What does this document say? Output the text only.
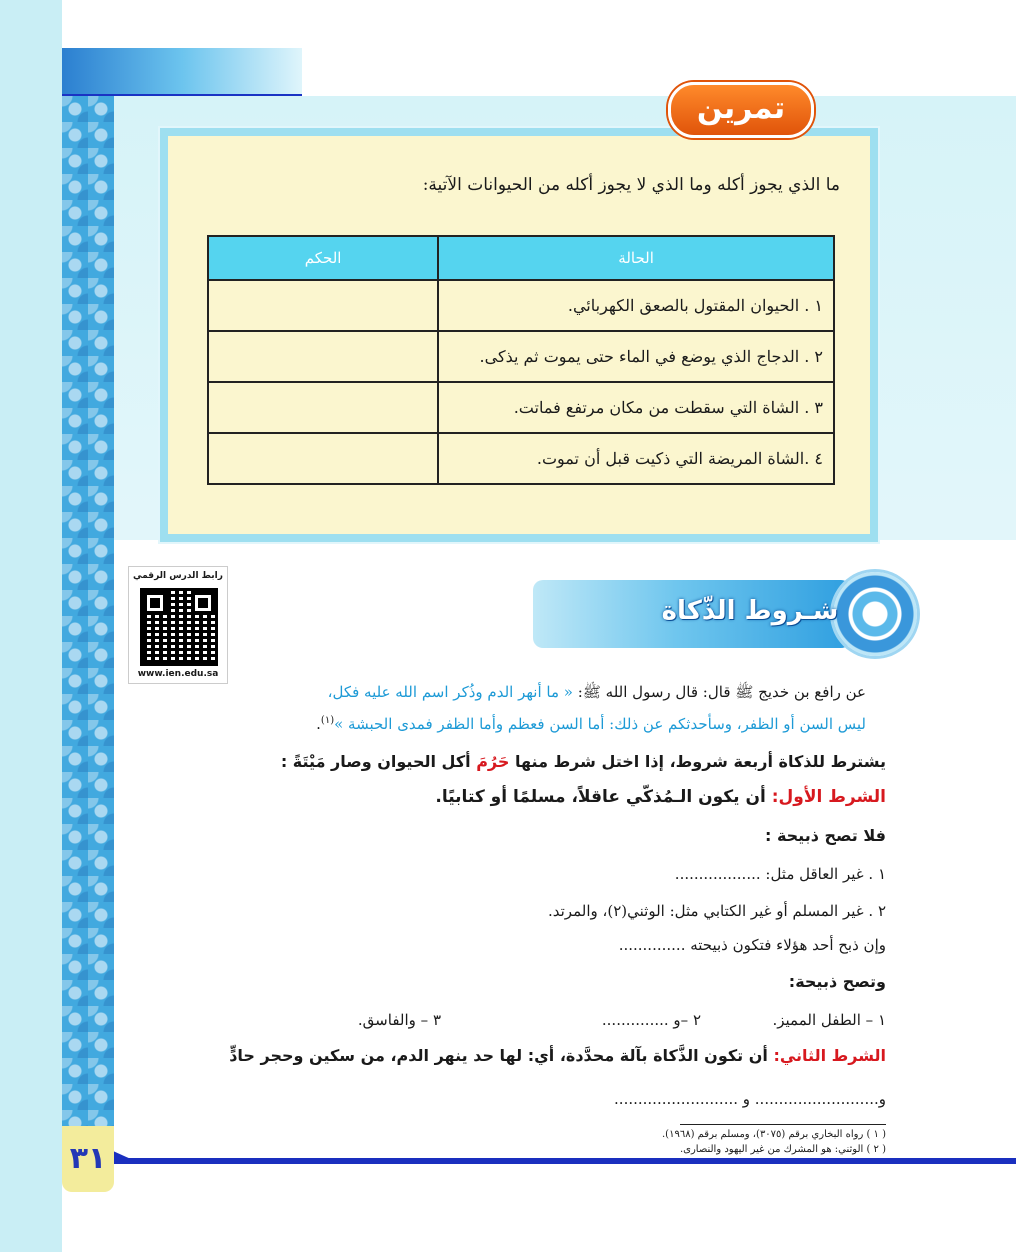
تمرين
ما الذي يجوز أكله وما الذي لا يجوز أكله من الحيوانات الآتية:
الحالة	الحكم
١ . الحيوان المقتول بالصعق الكهربائي.	
٢ . الدجاج الذي يوضع في الماء حتى يموت ثم يذكى.	
٣ . الشاة التي سقطت من مكان مرتفع فماتت.	
٤ .الشاة المريضة التي ذكيت قبل أن تموت.	
رابط الدرس الرقمي
www.ien.edu.sa
شـروط الذّكاة
عن رافع بن خديج ﷺ قال: قال رسول الله ﷺ: « ما أنهر الدم وذُكر اسم الله عليه فكل،
ليس السن أو الظفر، وسأحدثكم عن ذلك: أما السن فعظم وأما الظفر فمدى الحبشة »$^{(١)}$.
يشترط للذكاة أربعة شروط، إذا اختل شرط منها حَرُمَ أكل الحيوان وصار مَيْتَةً :
الشرط الأول: أن يكون الـمُذكّي عاقلاً، مسلمًا أو كتابيًا.
فلا تصح ذبيحة :
١ . غير العاقل مثل: ..................
٢ . غير المسلم أو غير الكتابي مثل: الوثني(٢)، والمرتد.
وإن ذبح أحد هؤلاء فتكون ذبيحته ..............
وتصح ذبيحة:
١ – الطفل المميز.
٢ –و ..............
٣ – والفاسق.
الشرط الثاني: أن تكون الذَّكاة بآلة محدَّدة، أي: لها حد ينهر الدم، من سكين وحجر حادٍّ
و.......................... و ..........................
( ١ ) رواه البخاري برقم (٣٠٧٥)، ومسلم برقم (١٩٦٨).
( ٢ ) الوثني: هو المشرك من غير اليهود والنصارى.
٣١
